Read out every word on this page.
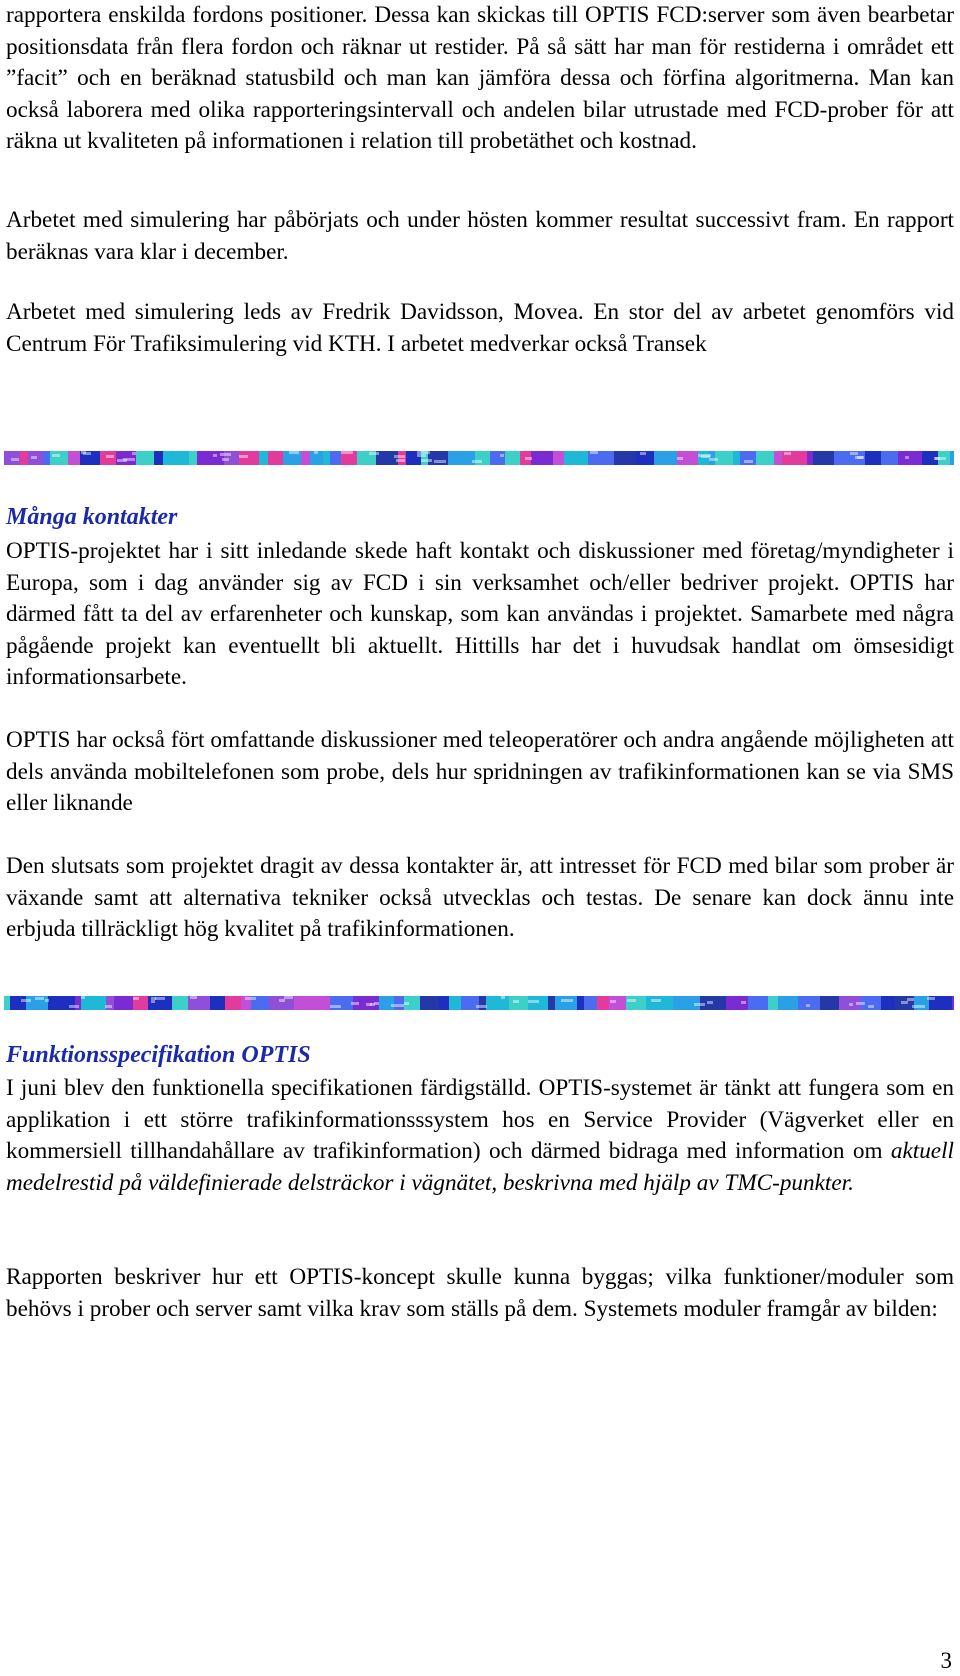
rapportera enskilda fordons positioner. Dessa kan skickas till OPTIS FCD:server som även bearbetar positionsdata från flera fordon och räknar ut restider. På så sätt har man för restiderna i området ett ”facit” och en beräknad statusbild och man kan jämföra dessa och förfina algoritmerna. Man kan också laborera med olika rapporteringsintervall och andelen bilar utrustade med FCD-prober för att räkna ut kvaliteten på informationen i relation till probetäthet och kostnad.

Arbetet med simulering har påbörjats och under hösten kommer resultat successivt fram. En rapport beräknas vara klar i december.

Arbetet med simulering leds av Fredrik Davidsson, Movea. En stor del av arbetet genomförs vid Centrum För Trafiksimulering vid KTH. I arbetet medverkar också Transek

Många kontakter

OPTIS-projektet har i sitt inledande skede haft kontakt och diskussioner med företag/myndigheter i Europa, som i dag använder sig av FCD i sin verksamhet och/eller bedriver projekt. OPTIS har därmed fått ta del av erfarenheter och kunskap, som kan användas i projektet. Samarbete med några pågående projekt kan eventuellt bli aktuellt. Hittills har det i huvudsak handlat om ömsesidigt informationsarbete.

OPTIS har också fört omfattande diskussioner med teleoperatörer och andra angående möjligheten att dels använda mobiltelefonen som probe, dels hur spridningen av trafikinformationen kan se via SMS eller liknande

Den slutsats som projektet dragit av dessa kontakter är, att intresset för FCD med bilar som prober är växande samt att alternativa tekniker också utvecklas och testas. De senare kan dock ännu inte erbjuda tillräckligt hög kvalitet på trafikinformationen.

Funktionsspecifikation OPTIS

I juni blev den funktionella specifikationen färdigställd. OPTIS-systemet är tänkt att fungera som en applikation i ett större trafikinformationsssystem hos en Service Provider (Vägverket eller en kommersiell tillhandahållare av trafikinformation) och därmed bidraga med information om aktuell medelrestid på väldefinierade delsträckor i vägnätet, beskrivna med hjälp av TMC-punkter.

Rapporten beskriver hur ett OPTIS-koncept skulle kunna byggas; vilka funktioner/moduler som behövs i prober och server samt vilka krav som ställs på dem. Systemets moduler framgår av bilden:

3
